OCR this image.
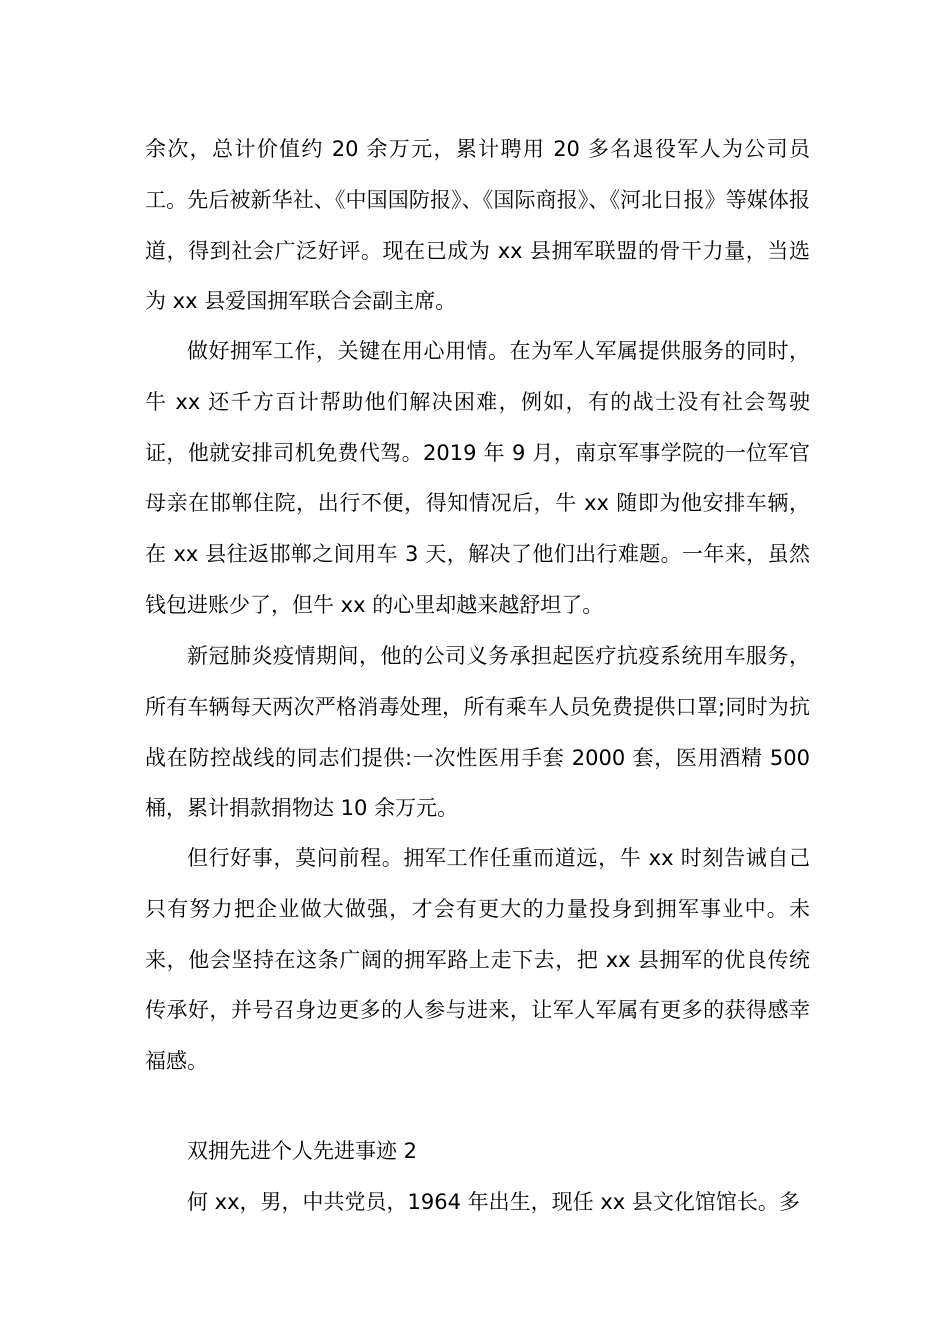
余次，总计价值约 20 余万元，累计聘用 20 多名退役军人为公司员工。先后被新华社、《中国国防报》、《国际商报》、《河北日报》等媒体报道，得到社会广泛好评。现在已成为 xx 县拥军联盟的骨干力量，当选为 xx 县爱国拥军联合会副主席。

做好拥军工作，关键在用心用情。在为军人军属提供服务的同时，牛 xx 还千方百计帮助他们解决困难，例如，有的战士没有社会驾驶证，他就安排司机免费代驾。2019 年 9 月，南京军事学院的一位军官母亲在邯郸住院，出行不便，得知情况后，牛 xx 随即为他安排车辆，在 xx 县往返邯郸之间用车 3 天，解决了他们出行难题。一年来，虽然钱包进账少了，但牛 xx 的心里却越来越舒坦了。

新冠肺炎疫情期间，他的公司义务承担起医疗抗疫系统用车服务，所有车辆每天两次严格消毒处理，所有乘车人员免费提供口罩;同时为抗战在防控战线的同志们提供:一次性医用手套 2000 套，医用酒精 500 桶，累计捐款捐物达 10 余万元。

但行好事，莫问前程。拥军工作任重而道远，牛 xx 时刻告诫自己只有努力把企业做大做强，才会有更大的力量投身到拥军事业中。未来，他会坚持在这条广阔的拥军路上走下去，把 xx 县拥军的优良传统传承好，并号召身边更多的人参与进来，让军人军属有更多的获得感幸福感。

双拥先进个人先进事迹 2

何 xx，男，中共党员，1964 年出生，现任 xx 县文化馆馆长。多
